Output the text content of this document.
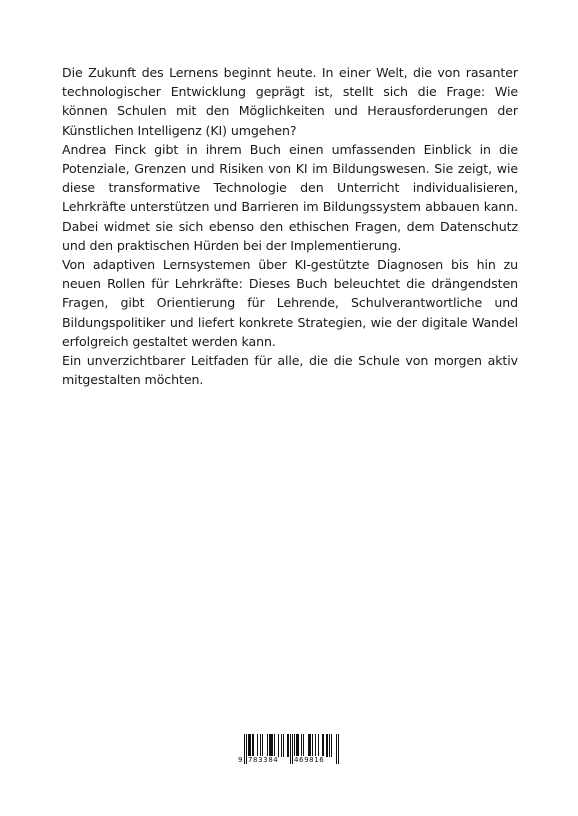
Die Zukunft des Lernens beginnt heute. In einer Welt, die von rasanter technologischer Entwicklung geprägt ist, stellt sich die Frage: Wie können Schulen mit den Möglichkeiten und Herausforderungen der Künstlichen Intelligenz (KI) umgehen?

Andrea Finck gibt in ihrem Buch einen umfassenden Einblick in die Potenziale, Grenzen und Risiken von KI im Bildungswesen. Sie zeigt, wie diese transformative Technologie den Unterricht individualisieren, Lehrkräfte unterstützen und Barrieren im Bildungssystem abbauen kann. Dabei widmet sie sich ebenso den ethischen Fragen, dem Datenschutz und den praktischen Hürden bei der Implementierung.

Von adaptiven Lernsystemen über KI-gestützte Diagnosen bis hin zu neuen Rollen für Lehrkräfte: Dieses Buch beleuchtet die drängendsten Fragen, gibt Orientierung für Lehrende, Schulverantwortliche und Bildungspolitiker und liefert konkrete Strategien, wie der digitale Wandel erfolgreich gestaltet werden kann.

Ein unverzichtbarer Leitfaden für alle, die die Schule von morgen aktiv mitgestalten möchten.

9 783384 469816
